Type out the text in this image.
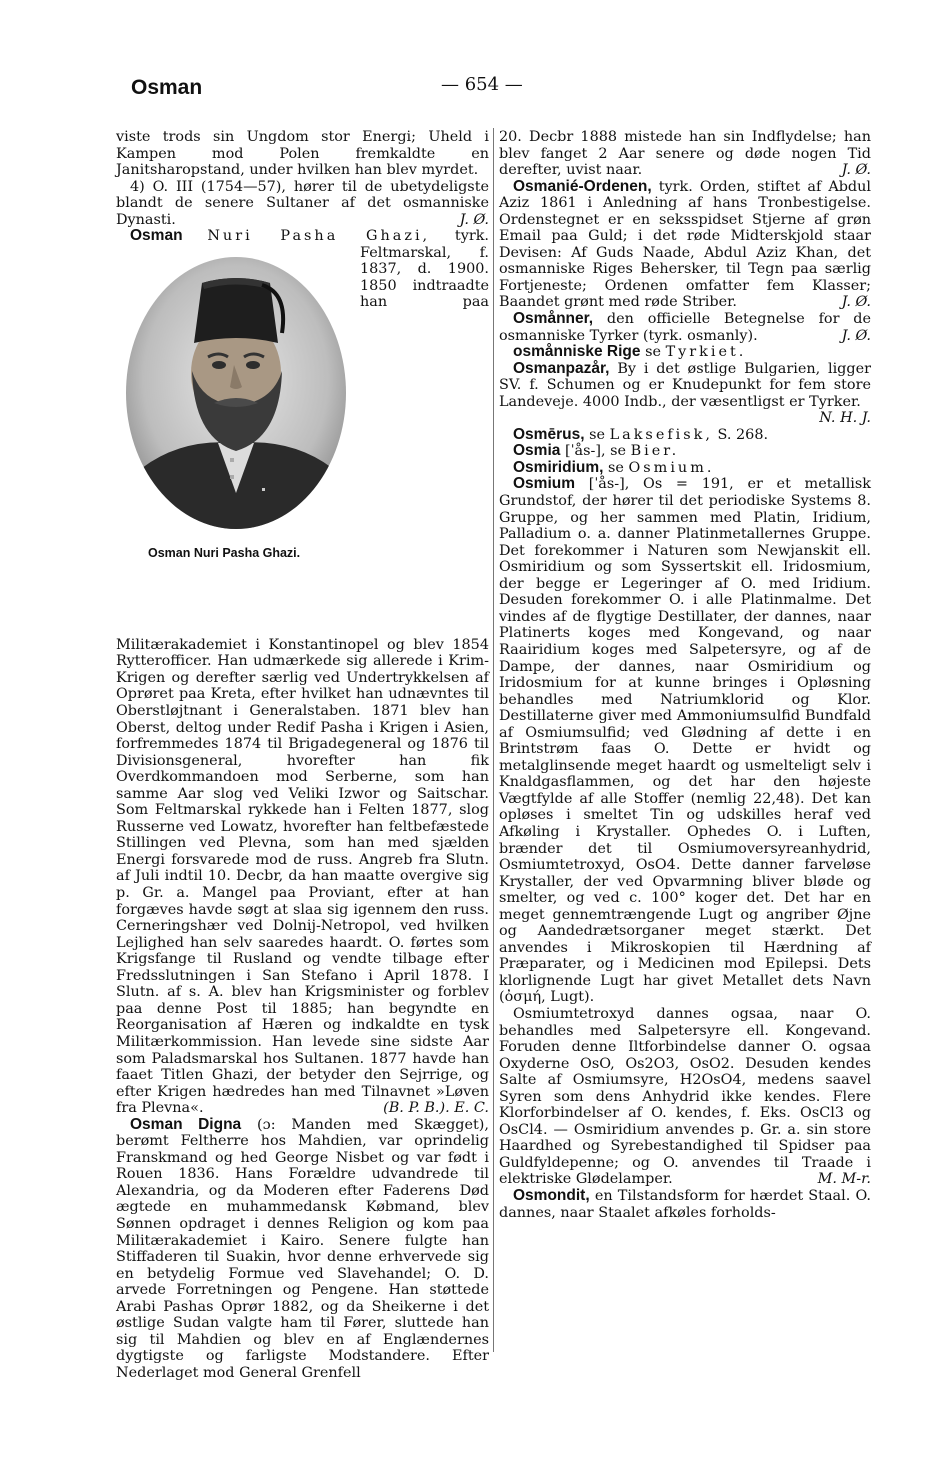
Osman	— 654 —

viste trods sin Ungdom stor Energi; Uheld i Kampen mod Polen fremkaldte en Janitsharopstand, under hvilken han blev myrdet.

4) O. III (1754—57), hører til de ubetydeligste blandt de senere Sultaner af det osmanniske Dynasti.	J. Ø.

Osman Nuri Pasha Ghazi,
Osman Nuri Pasha Ghazi.
tyrk. Feltmarskal, f. 1837, d. 1900. 1850 indtraadte han paa Militærakademiet i Konstantinopel og blev 1854 Rytterofficer. Han udmærkede sig allerede i Krim-Krigen og derefter særlig ved Undertrykkelsen af Oprøret paa Kreta, efter hvilket han udnævntes til Oberstløjtnant i Generalstaben. 1871 blev han Oberst, deltog under Redif Pasha i Krigen i Asien, forfremmedes 1874 til Brigadegeneral og 1876 til Divisionsgeneral, hvorefter han fik Overdkommandoen mod Serberne, som han samme Aar slog ved Veliki Izwor og Saitschar. Som Feltmarskal rykkede han i Felten 1877, slog Russerne ved Lowatz, hvorefter han feltbefæstede Stillingen ved Plevna, som han med sjælden Energi forsvarede mod de russ. Angreb fra Slutn. af Juli indtil 10. Decbr, da han maatte overgive sig p. Gr. a. Mangel paa Proviant, efter at han forgæves havde søgt at slaa sig igennem den russ. Cerneringshær ved Dolnij-Netropol, ved hvilken Lejlighed han selv saaredes haardt. O. førtes som Krigsfange til Rusland og vendte tilbage efter Fredsslutningen i San Stefano i April 1878. I Slutn. af s. A. blev han Krigsminister og forblev paa denne Post til 1885; han begyndte en Reorganisation af Hæren og indkaldte en tysk Militærkommission. Han levede sine sidste Aar som Paladsmarskal hos Sultanen. 1877 havde han faaet Titlen Ghazi, der betyder den Sejrrige, og efter Krigen hædredes han med Tilnavnet »Løven fra Plevna«.	(B. P. B.). E. C.

Osman Digna (ɔ: Manden med Skægget), berømt Feltherre hos Mahdien, var oprindelig Franskmand og hed George Nisbet og var født i Rouen 1836. Hans Forældre udvandrede til Alexandria, og da Moderen efter Faderens Død ægtede en muhammedansk Købmand, blev Sønnen opdraget i dennes Religion og kom paa Militærakademiet i Kairo. Senere fulgte han Stiffaderen til Suakin, hvor denne erhvervede sig en betydelig Formue ved Slavehandel; O. D. arvede Forretningen og Pengene. Han støttede Arabi Pashas Oprør 1882, og da Sheikerne i det østlige Sudan valgte ham til Fører, sluttede han sig til Mahdien og blev en af Englændernes dygtigste og farligste Modstandere. Efter Nederlaget mod General Grenfell

20. Decbr 1888 mistede han sin Indflydelse; han blev fanget 2 Aar senere og døde nogen Tid derefter, uvist naar.	J. Ø.

Osmanié-Ordenen, tyrk. Orden, stiftet af Abdul Aziz 1861 i Anledning af hans Tronbestigelse. Ordenstegnet er en seksspidset Stjerne af grøn Email paa Guld; i det røde Midterskjold staar Devisen: Af Guds Naade, Abdul Aziz Khan, det osmanniske Riges Behersker, til Tegn paa særlig Fortjeneste; Ordenen omfatter fem Klasser; Baandet grønt med røde Striber.	J. Ø.

Osmånner, den officielle Betegnelse for de osmanniske Tyrker (tyrk. osmanly).	J. Ø.

osmånniske Rige se Tyrkiet.

Osmanpazår, By i det østlige Bulgarien, ligger SV. f. Schumen og er Knudepunkt for fem store Landeveje. 4000 Indb., der væsentligst er Tyrker.
N. H. J.

Osmērus, se Laksefisk, S. 268.

Osmia [ˈås-], se Bier.

Osmiridium, se Osmium.

Osmium [ˈås-], Os = 191, er et metallisk Grundstof, der hører til det periodiske Systems 8. Gruppe, og her sammen med Platin, Iridium, Palladium o. a. danner Platinmetallernes Gruppe. Det forekommer i Naturen som Newjanskit ell. Osmiridium og som Syssertskit ell. Iridosmium, der begge er Legeringer af O. med Iridium. Desuden forekommer O. i alle Platinmalme. Det vindes af de flygtige Destillater, der dannes, naar Platinerts koges med Kongevand, og naar Raairidium koges med Salpetersyre, og af de Dampe, der dannes, naar Osmiridium og Iridosmium for at kunne bringes i Opløsning behandles med Natriumklorid og Klor. Destillaterne giver med Ammoniumsulfid Bundfald af Osmiumsulfid; ved Glødning af dette i en Brintstrøm faas O. Dette er hvidt og metalglinsende meget haardt og usmelteligt selv i Knaldgasflammen, og det har den højeste Vægtfylde af alle Stoffer (nemlig 22,48). Det kan opløses i smeltet Tin og udskilles heraf ved Afkøling i Krystaller. Ophedes O. i Luften, brænder det til Osmiumoversyreanhydrid, Osmiumtetroxyd, OsO4. Dette danner farveløse Krystaller, der ved Opvarmning bliver bløde og smelter, og ved c. 100° koger det. Det har en meget gennemtrængende Lugt og angriber Øjne og Aandedrætsorganer meget stærkt. Det anvendes i Mikroskopien til Hærdning af Præparater, og i Medicinen mod Epilepsi. Dets klorlignende Lugt har givet Metallet dets Navn (ὀσμή, Lugt).

Osmiumtetroxyd dannes ogsaa, naar O. behandles med Salpetersyre ell. Kongevand. Foruden denne Iltforbindelse danner O. ogsaa Oxyderne OsO, Os2O3, OsO2. Desuden kendes Salte af Osmiumsyre, H2OsO4, medens saavel Syren som dens Anhydrid ikke kendes. Flere Klorforbindelser af O. kendes, f. Eks. OsCl3 og OsCl4. — Osmiridium anvendes p. Gr. a. sin store Haardhed og Syrebestandighed til Spidser paa Guldfyldepenne; og O. anvendes til Traade i elektriske Glødelamper.	M. M-r.

Osmondit, en Tilstandsform for hærdet Staal. O. dannes, naar Staalet afkøles forholds-
